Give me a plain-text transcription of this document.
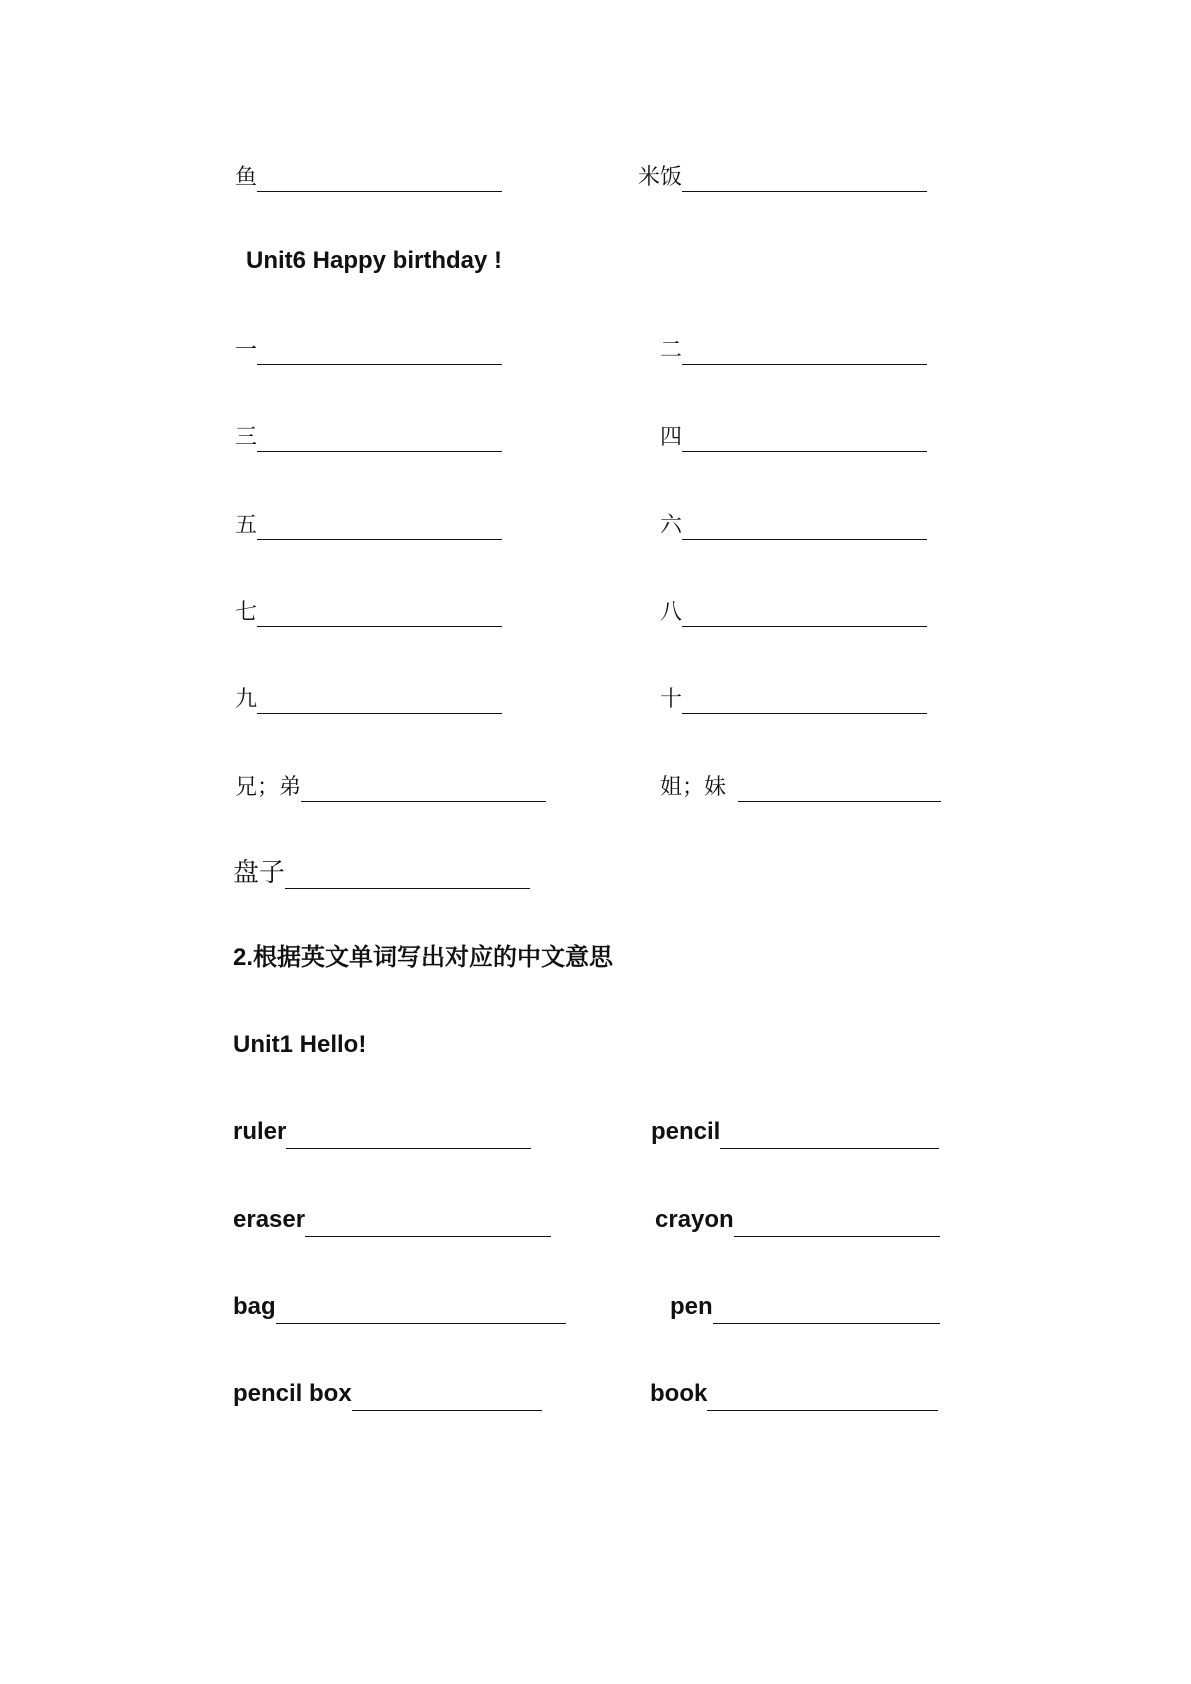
鱼	米饭
Unit6 Happy birthday !
一	二
三	四
五	六
七	八
九	十
兄；弟	姐；妹
盘子
2.根据英文单词写出对应的中文意思
Unit1 Hello!
ruler	pencil
eraser	crayon
bag	pen
pencil box	book
